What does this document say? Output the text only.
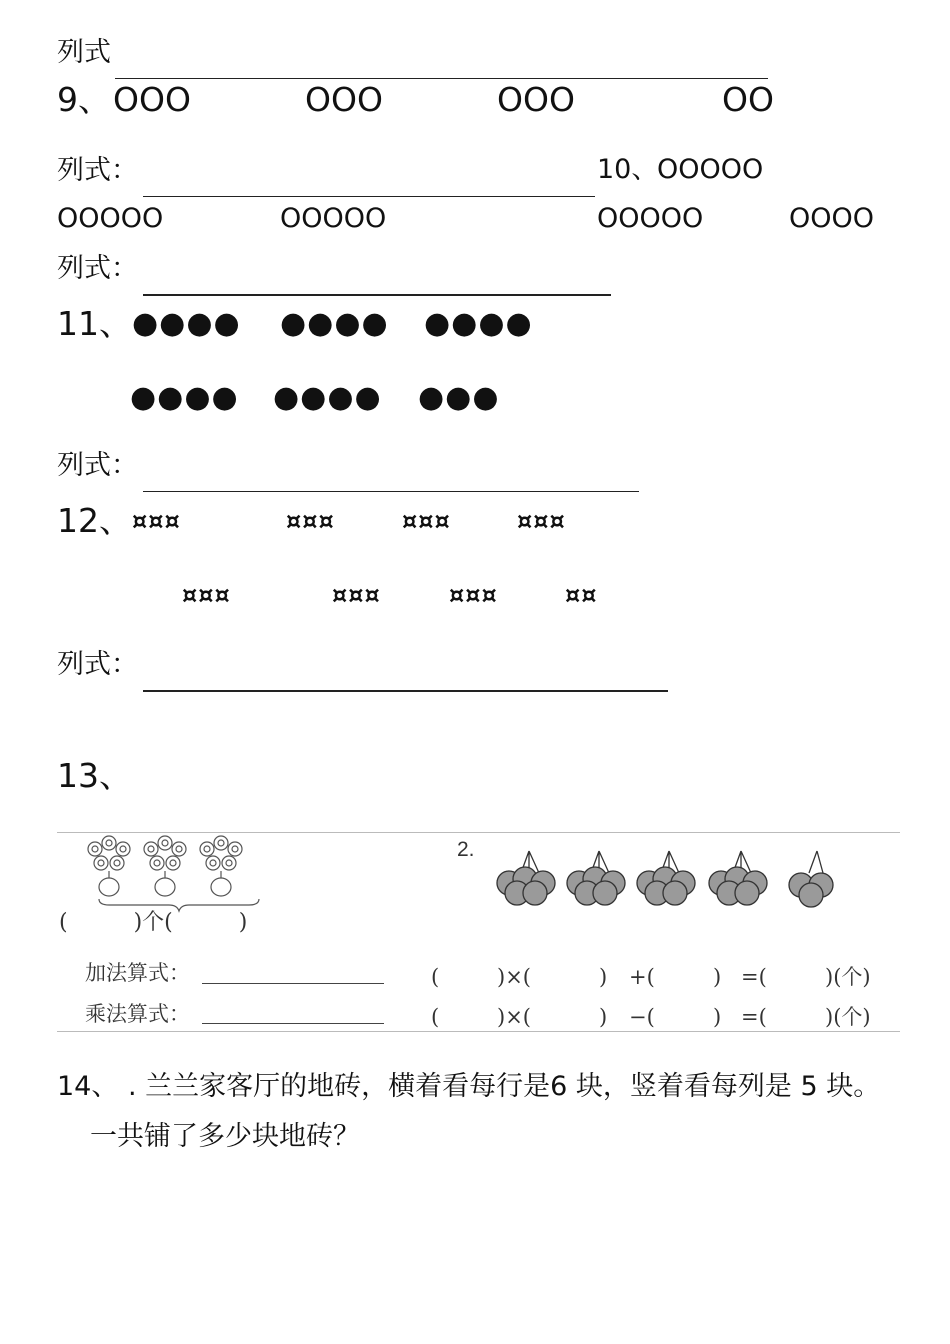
列式
9、 OOO	OOO	OOO	OO
列式：	10、
OOOOO
OOOOO	OOOOO	OOOOO	OOOO
列式：
11、 ●●●● ●●●● ●●●●
●●●● ●●●● ●●●
列式：
12、 ¤¤¤	¤¤¤	¤¤¤	¤¤¤
¤¤¤	¤¤¤	¤¤¤	¤¤
列式：
13、
(　　　)个(　　　)
加法算式：
乘法算式：
2.
(	)×(	) +(	) =(	)(个)
(	)×(	) −(	) =(	)(个)
14、 . 兰兰家客厅的地砖，横着看每行是6 块，竖着看每列是 5 块。
一共铺了多少块地砖？
